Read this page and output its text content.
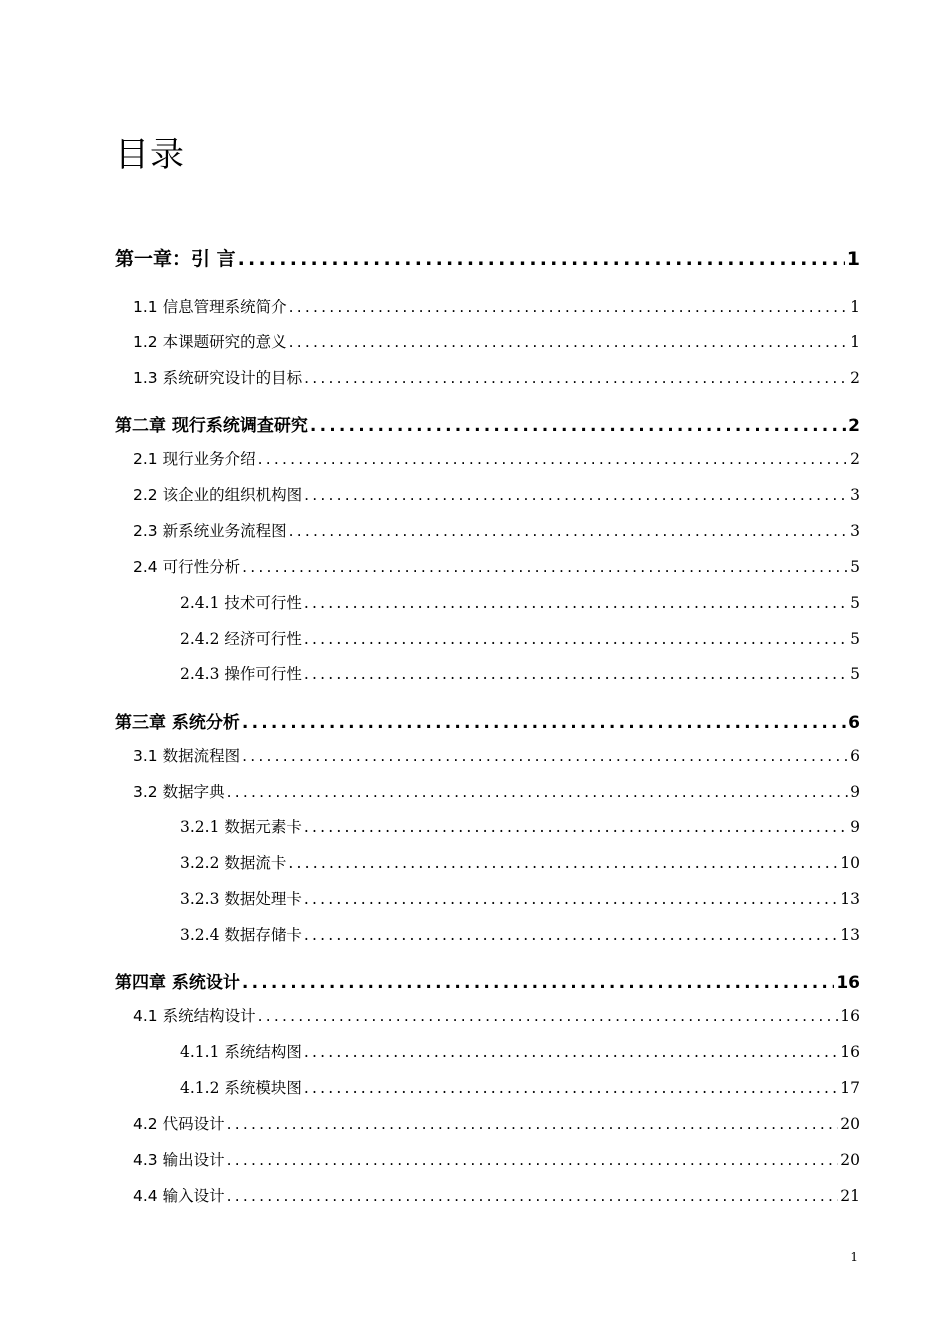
目录
第一章：引 言 .....	1
1.1 信息管理系统简介 .....	1
1.2 本课题研究的意义 .....	1
1.3 系统研究设计的目标 .....	2
第二章 现行系统调查研究 .....	2
2.1 现行业务介绍 .....	2
2.2 该企业的组织机构图 .....	3
2.3 新系统业务流程图 .....	3
2.4 可行性分析 .....	5
2.4.1 技术可行性 .....	5
2.4.2 经济可行性 .....	5
2.4.3 操作可行性 .....	5
第三章 系统分析 .....	6
3.1 数据流程图 .....	6
3.2 数据字典 .....	9
3.2.1 数据元素卡 .....	9
3.2.2 数据流卡 .....	10
3.2.3 数据处理卡 .....	13
3.2.4 数据存储卡 .....	13
第四章 系统设计 .....	16
4.1 系统结构设计 .....	16
4.1.1 系统结构图 .....	16
4.1.2 系统模块图 .....	17
4.2 代码设计 .....	20
4.3 输出设计 .....	20
4.4 输入设计 .....	21
1
